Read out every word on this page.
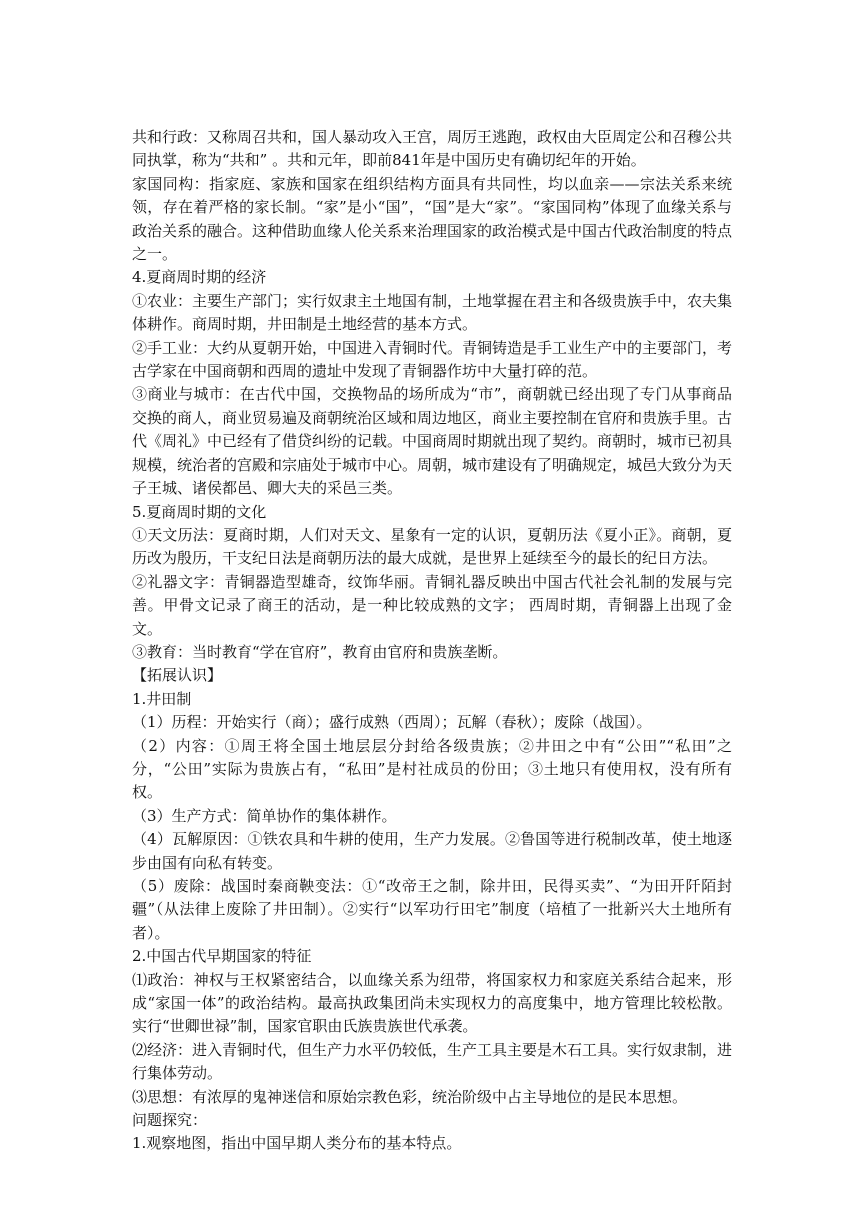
共和行政：又称周召共和，国人暴动攻入王宫，周厉王逃跑，政权由大臣周定公和召穆公共同执掌，称为“共和” 。共和元年，即前841年是中国历史有确切纪年的开始。

家国同构：指家庭、家族和国家在组织结构方面具有共同性，均以血亲——宗法关系来统领，存在着严格的家长制。“家”是小“国”，“国”是大“家”。“家国同构”体现了血缘关系与政治关系的融合。这种借助血缘人伦关系来治理国家的政治模式是中国古代政治制度的特点之一。

4.夏商周时期的经济

①农业：主要生产部门；实行奴隶主土地国有制，土地掌握在君主和各级贵族手中，农夫集体耕作。商周时期，井田制是土地经营的基本方式。

②手工业：大约从夏朝开始，中国进入青铜时代。青铜铸造是手工业生产中的主要部门，考古学家在中国商朝和西周的遗址中发现了青铜器作坊中大量打碎的范。

③商业与城市：在古代中国，交换物品的场所成为“市”，商朝就已经出现了专门从事商品交换的商人，商业贸易遍及商朝统治区域和周边地区，商业主要控制在官府和贵族手里。古代《周礼》中已经有了借贷纠纷的记载。中国商周时期就出现了契约。商朝时，城市已初具规模，统治者的宫殿和宗庙处于城市中心。周朝，城市建设有了明确规定，城邑大致分为天子王城、诸侯都邑、卿大夫的采邑三类。

5.夏商周时期的文化

①天文历法：夏商时期，人们对天文、星象有一定的认识，夏朝历法《夏小正》。商朝，夏历改为殷历，干支纪日法是商朝历法的最大成就，是世界上延续至今的最长的纪日方法。

②礼器文字：青铜器造型雄奇，纹饰华丽。青铜礼器反映出中国古代社会礼制的发展与完善。甲骨文记录了商王的活动，是一种比较成熟的文字； 西周时期，青铜器上出现了金文。

③教育：当时教育“学在官府”，教育由官府和贵族垄断。

【拓展认识】

1.井田制

（1）历程：开始实行（商）；盛行成熟（西周）；瓦解（春秋）；废除（战国）。

（2）内容：①周王将全国土地层层分封给各级贵族；②井田之中有“公田”“私田”之分，“公田”实际为贵族占有，“私田”是村社成员的份田；③土地只有使用权，没有所有权。

（3）生产方式：简单协作的集体耕作。

（4）瓦解原因：①铁农具和牛耕的使用，生产力发展。②鲁国等进行税制改革，使土地逐步由国有向私有转变。

（5）废除：战国时秦商鞅变法：①“改帝王之制，除井田，民得买卖”、“为田开阡陌封疆”（从法律上废除了井田制）。②实行“以军功行田宅”制度（培植了一批新兴大土地所有者）。

2.中国古代早期国家的特征

⑴政治：神权与王权紧密结合，以血缘关系为纽带，将国家权力和家庭关系结合起来，形成“家国一体”的政治结构。最高执政集团尚未实现权力的高度集中，地方管理比较松散。实行“世卿世禄”制，国家官职由氏族贵族世代承袭。

⑵经济：进入青铜时代，但生产力水平仍较低，生产工具主要是木石工具。实行奴隶制，进行集体劳动。

⑶思想：有浓厚的鬼神迷信和原始宗教色彩，统治阶级中占主导地位的是民本思想。

问题探究：

1.观察地图，指出中国早期人类分布的基本特点。
